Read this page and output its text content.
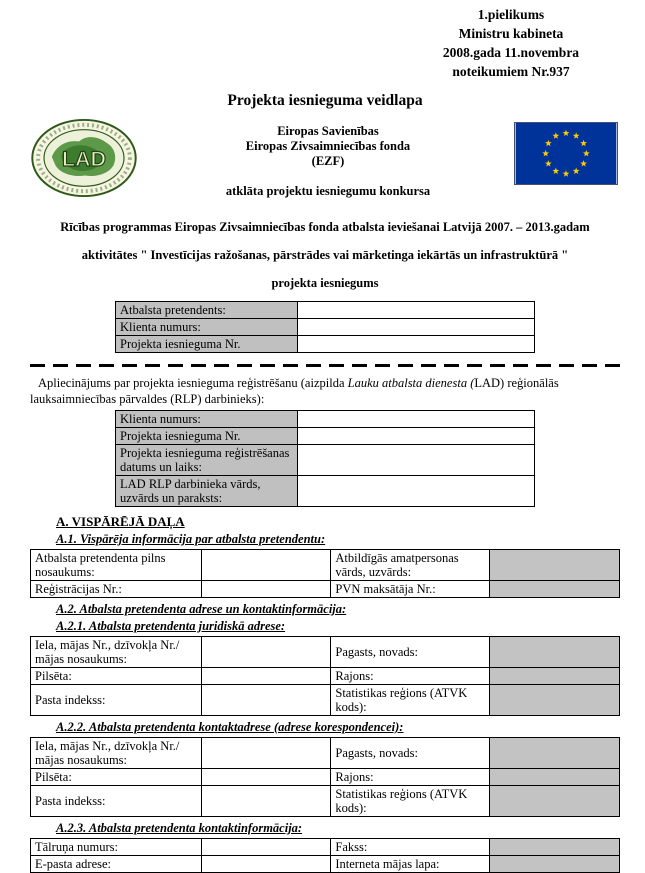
1.pielikums
Ministru kabineta
2008.gada 11.novembra
noteikumiem Nr.937
Projekta iesnieguma veidlapa
LAD
Eiropas Savienības
Eiropas Zivsaimniecības fonda
(EZF)
atklāta projektu iesniegumu konkursa
Rīcības programmas Eiropas Zivsaimniecības fonda atbalsta ieviešanai Latvijā 2007. – 2013.gadam
aktivitātes " Investīcijas ražošanas, pārstrādes vai mārketinga iekārtās un infrastruktūrā "
projekta iesniegums
Atbalsta pretendents:	
Klienta numurs:	
Projekta iesnieguma Nr.	

Apliecinājums par projekta iesnieguma reģistrēšanu (aizpilda Lauku atbalsta dienesta (LAD) reģionālās lauksaimniecības pārvaldes (RLP) darbinieks):

Klienta numurs:	
Projekta iesnieguma Nr.	
Projekta iesnieguma reģistrēšanas datums un laiks:	
LAD RLP darbinieka vārds, uzvārds un paraksts:	
A. VISPĀRĒJĀ DAĻA
A.1. Vispārēja informācija par atbalsta pretendentu:
Atbalsta pretendenta pilns nosaukums:		Atbildīgās amatpersonas vārds, uzvārds:	
Reģistrācijas Nr.:		PVN maksātāja Nr.:	
A.2. Atbalsta pretendenta adrese un kontaktinformācija:
A.2.1. Atbalsta pretendenta juridiskā adrese:
Iela, mājas Nr., dzīvokļa Nr./ mājas nosaukums:		Pagasts, novads:	
Pilsēta:		Rajons:	
Pasta indekss:		Statistikas reģions (ATVK kods):	
A.2.2. Atbalsta pretendenta kontaktadrese (adrese korespondencei):
Iela, mājas Nr., dzīvokļa Nr./ mājas nosaukums:		Pagasts, novads:	
Pilsēta:		Rajons:	
Pasta indekss:		Statistikas reģions (ATVK kods):	
A.2.3. Atbalsta pretendenta kontaktinformācija:
Tālruņa numurs:		Fakss:	
E-pasta adrese:		Interneta mājas lapa:	
